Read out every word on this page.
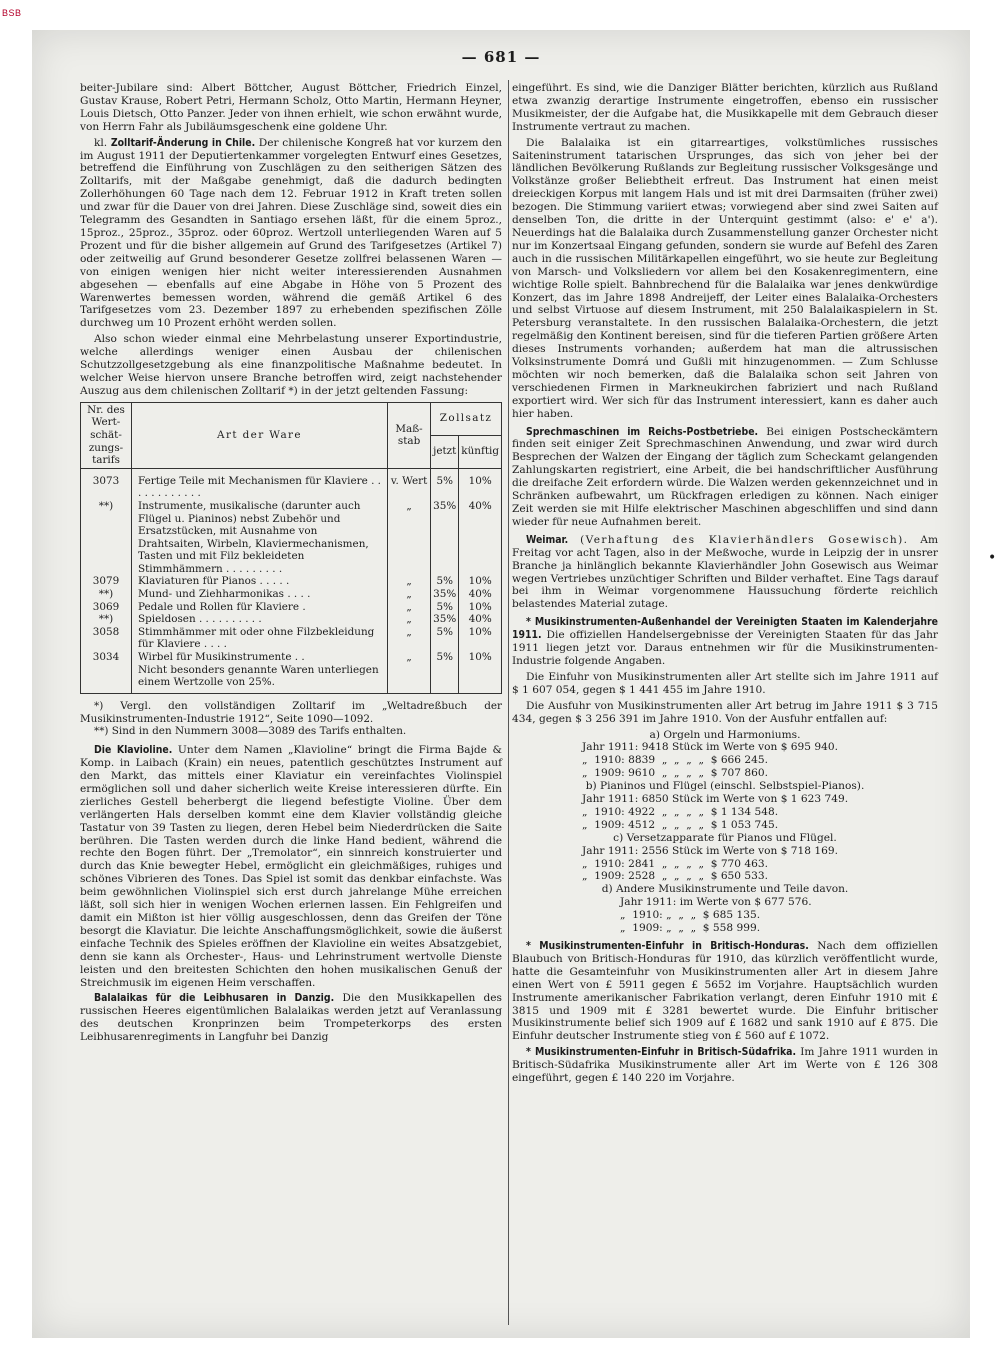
BSB
— 681 —
•

beiter-Jubilare sind: Albert Böttcher, August Böttcher, Friedrich Einzel, Gustav Krause, Robert Petri, Hermann Scholz, Otto Martin, Hermann Heyner, Louis Dietsch, Otto Panzer. Jeder von ihnen erhielt, wie schon erwähnt wurde, von Herrn Fahr als Jubiläumsgeschenk eine goldene Uhr.

kl. Zolltarif-Änderung in Chile. Der chilenische Kongreß hat vor kurzem den im August 1911 der Deputiertenkammer vorgelegten Entwurf eines Gesetzes, betreffend die Einführung von Zuschlägen zu den seitherigen Sätzen des Zolltarifs, mit der Maßgabe genehmigt, daß die dadurch bedingten Zollerhöhungen 60 Tage nach dem 12. Februar 1912 in Kraft treten sollen und zwar für die Dauer von drei Jahren. Diese Zuschläge sind, soweit dies ein Telegramm des Gesandten in Santiago ersehen läßt, für die einem 5proz., 15proz., 25proz., 35proz. oder 60proz. Wertzoll unterliegenden Waren auf 5 Prozent und für die bisher allgemein auf Grund des Tarifgesetzes (Artikel 7) oder zeitweilig auf Grund besonderer Gesetze zollfrei belassenen Waren — von einigen wenigen hier nicht weiter interessierenden Ausnahmen abgesehen — ebenfalls auf eine Abgabe in Höhe von 5 Prozent des Warenwertes bemessen worden, während die gemäß Artikel 6 des Tarifgesetzes vom 23. Dezember 1897 zu erhebenden spezifischen Zölle durchweg um 10 Prozent erhöht werden sollen.

Also schon wieder einmal eine Mehrbelastung unserer Exportindustrie, welche allerdings weniger einen Ausbau der chilenischen Schutzzollgesetzgebung als eine finanzpolitische Maßnahme bedeutet. In welcher Weise hiervon unsere Branche betroffen wird, zeigt nachstehender Auszug aus dem chilenischen Zolltarif *) in der jetzt geltenden Fassung:

Nr. des Wert-schät-zungs-tarifs	Art der Ware	Maß-stab	Zollsatz	
			jetzt	künftig
3073	Fertige Teile mit Mechanismen für Klaviere . . . . . . . . . . . .	v. Wert	5%	10%
**)	Instrumente, musikalische (darunter auch Flügel u. Pianinos) nebst Zubehör und Ersatzstücken, mit Ausnahme von Drahtsaiten, Wirbeln, Klaviermechanismen, Tasten und mit Filz bekleideten Stimmhämmern . . . . . . . . .	„	35%	40%
3079	Klaviaturen für Pianos . . . . .	„	5%	10%
**)	Mund- und Ziehharmonikas . . . .	„	35%	40%
3069	Pedale und Rollen für Klaviere .	„	5%	10%
**)	Spieldosen . . . . . . . . . .	„	35%	40%
3058	Stimmhämmer mit oder ohne Filzbekleidung für Klaviere . . . .	„	5%	10%
3034	Wirbel für Musikinstrumente . .	„	5%	10%
	Nicht besonders genannte Waren unterliegen einem Wertzolle von 25%.			

*) Vergl. den vollständigen Zolltarif im „Weltadreßbuch der Musikinstrumenten-Industrie 1912“, Seite 1090—1092.

**) Sind in den Nummern 3008—3089 des Tarifs enthalten.

Die Klavioline. Unter dem Namen „Klavioline“ bringt die Firma Bajde & Komp. in Laibach (Krain) ein neues, patentlich geschütztes Instrument auf den Markt, das mittels einer Klaviatur ein vereinfachtes Violinspiel ermöglichen soll und daher sicherlich weite Kreise interessieren dürfte. Ein zierliches Gestell beherbergt die liegend befestigte Violine. Über dem verlängerten Hals derselben kommt eine dem Klavier vollständig gleiche Tastatur von 39 Tasten zu liegen, deren Hebel beim Niederdrücken die Saite berühren. Die Tasten werden durch die linke Hand bedient, während die rechte den Bogen führt. Der „Tremolator“, ein sinnreich konstruierter und durch das Knie bewegter Hebel, ermöglicht ein gleichmäßiges, ruhiges und schönes Vibrieren des Tones. Das Spiel ist somit das denkbar einfachste. Was beim gewöhnlichen Violinspiel sich erst durch jahrelange Mühe erreichen läßt, soll sich hier in wenigen Wochen erlernen lassen. Ein Fehlgreifen und damit ein Mißton ist hier völlig ausgeschlossen, denn das Greifen der Töne besorgt die Klaviatur. Die leichte Anschaffungsmöglichkeit, sowie die äußerst einfache Technik des Spieles eröffnen der Klavioline ein weites Absatzgebiet, denn sie kann als Orchester-, Haus- und Lehrinstrument wertvolle Dienste leisten und den breitesten Schichten den hohen musikalischen Genuß der Streichmusik im eigenen Heim verschaffen.

Balalaikas für die Leibhusaren in Danzig. Die den Musikkapellen des russischen Heeres eigentümlichen Balalaikas werden jetzt auf Veranlassung des deutschen Kronprinzen beim Trompeterkorps des ersten Leibhusarenregiments in Langfuhr bei Danzig

eingeführt. Es sind, wie die Danziger Blätter berichten, kürzlich aus Rußland etwa zwanzig derartige Instrumente eingetroffen, ebenso ein russischer Musikmeister, der die Aufgabe hat, die Musikkapelle mit dem Gebrauch dieser Instrumente vertraut zu machen.

Die Balalaika ist ein gitarreartiges, volkstümliches russisches Saiteninstrument tatarischen Ursprunges, das sich von jeher bei der ländlichen Bevölkerung Rußlands zur Begleitung russischer Volksgesänge und Volkstänze großer Beliebtheit erfreut. Das Instrument hat einen meist dreieckigen Korpus mit langem Hals und ist mit drei Darmsaiten (früher zwei) bezogen. Die Stimmung variiert etwas; vorwiegend aber sind zwei Saiten auf denselben Ton, die dritte in der Unterquint gestimmt (also: e' e' a'). Neuerdings hat die Balalaika durch Zusammenstellung ganzer Orchester nicht nur im Konzertsaal Eingang gefunden, sondern sie wurde auf Befehl des Zaren auch in die russischen Militärkapellen eingeführt, wo sie heute zur Begleitung von Marsch- und Volksliedern vor allem bei den Kosakenregimentern, eine wichtige Rolle spielt. Bahnbrechend für die Balalaika war jenes denkwürdige Konzert, das im Jahre 1898 Andreijeff, der Leiter eines Balalaika-Orchesters und selbst Virtuose auf diesem Instrument, mit 250 Balalaikaspielern in St. Petersburg veranstaltete. In den russischen Balalaika-Orchestern, die jetzt regelmäßig den Kontinent bereisen, sind für die tieferen Partien größere Arten dieses Instruments vorhanden; außerdem hat man die altrussischen Volksinstrumente Domrá und Gußli mit hinzugenommen. — Zum Schlusse möchten wir noch bemerken, daß die Balalaika schon seit Jahren von verschiedenen Firmen in Markneukirchen fabriziert und nach Rußland exportiert wird. Wer sich für das Instrument interessiert, kann es daher auch hier haben.

Sprechmaschinen im Reichs-Postbetriebe. Bei einigen Postscheckämtern finden seit einiger Zeit Sprechmaschinen Anwendung, und zwar wird durch Besprechen der Walzen der Eingang der täglich zum Scheckamt gelangenden Zahlungskarten registriert, eine Arbeit, die bei handschriftlicher Ausführung die dreifache Zeit erfordern würde. Die Walzen werden gekennzeichnet und in Schränken aufbewahrt, um Rückfragen erledigen zu können. Nach einiger Zeit werden sie mit Hilfe elektrischer Maschinen abgeschliffen und sind dann wieder für neue Aufnahmen bereit.

Weimar. (Verhaftung des Klavierhändlers Gosewisch). Am Freitag vor acht Tagen, also in der Meßwoche, wurde in Leipzig der in unsrer Branche ja hinlänglich bekannte Klavierhändler John Gosewisch aus Weimar wegen Vertriebes unzüchtiger Schriften und Bilder verhaftet. Eine Tags darauf bei ihm in Weimar vorgenommene Haussuchung förderte reichlich belastendes Material zutage.

* Musikinstrumenten-Außenhandel der Vereinigten Staaten im Kalenderjahre 1911. Die offiziellen Handelsergebnisse der Vereinigten Staaten für das Jahr 1911 liegen jetzt vor. Daraus entnehmen wir für die Musikinstrumenten-Industrie folgende Angaben.

Die Einfuhr von Musikinstrumenten aller Art stellte sich im Jahre 1911 auf $ 1 607 054, gegen $ 1 441 455 im Jahre 1910.

Die Ausfuhr von Musikinstrumenten aller Art betrug im Jahre 1911 $ 3 715 434, gegen $ 3 256 391 im Jahre 1910. Von der Ausfuhr entfallen auf:

a) Orgeln und Harmoniums.

Jahr 1911: 9418 Stück im Werte von $ 695 940.

„  1910: 8839  „  „  „  „  $ 666 245.

„  1909: 9610  „  „  „  „  $ 707 860.

b) Pianinos und Flügel (einschl. Selbstspiel-Pianos).

Jahr 1911: 6850 Stück im Werte von $ 1 623 749.

„  1910: 4922  „  „  „  „  $ 1 134 548.

„  1909: 4512  „  „  „  „  $ 1 053 745.

c) Versetzapparate für Pianos und Flügel.

Jahr 1911: 2556 Stück im Werte von $ 718 169.

„  1910: 2841  „  „  „  „  $ 770 463.

„  1909: 2528  „  „  „  „  $ 650 533.

d) Andere Musikinstrumente und Teile davon.

Jahr 1911: im Werte von $ 677 576.

„  1910: „  „  „  $ 685 135.

„  1909: „  „  „  $ 558 999.

* Musikinstrumenten-Einfuhr in Britisch-Honduras. Nach dem offiziellen Blaubuch von Britisch-Honduras für 1910, das kürzlich veröffentlicht wurde, hatte die Gesamteinfuhr von Musikinstrumenten aller Art in diesem Jahre einen Wert von £ 5911 gegen £ 5652 im Vorjahre. Hauptsächlich wurden Instrumente amerikanischer Fabrikation verlangt, deren Einfuhr 1910 mit £ 3815 und 1909 mit £ 3281 bewertet wurde. Die Einfuhr britischer Musikinstrumente belief sich 1909 auf £ 1682 und sank 1910 auf £ 875. Die Einfuhr deutscher Instrumente stieg von £ 560 auf £ 1072.

* Musikinstrumenten-Einfuhr in Britisch-Südafrika. Im Jahre 1911 wurden in Britisch-Südafrika Musikinstrumente aller Art im Werte von £ 126 308 eingeführt, gegen £ 140 220 im Vorjahre.
